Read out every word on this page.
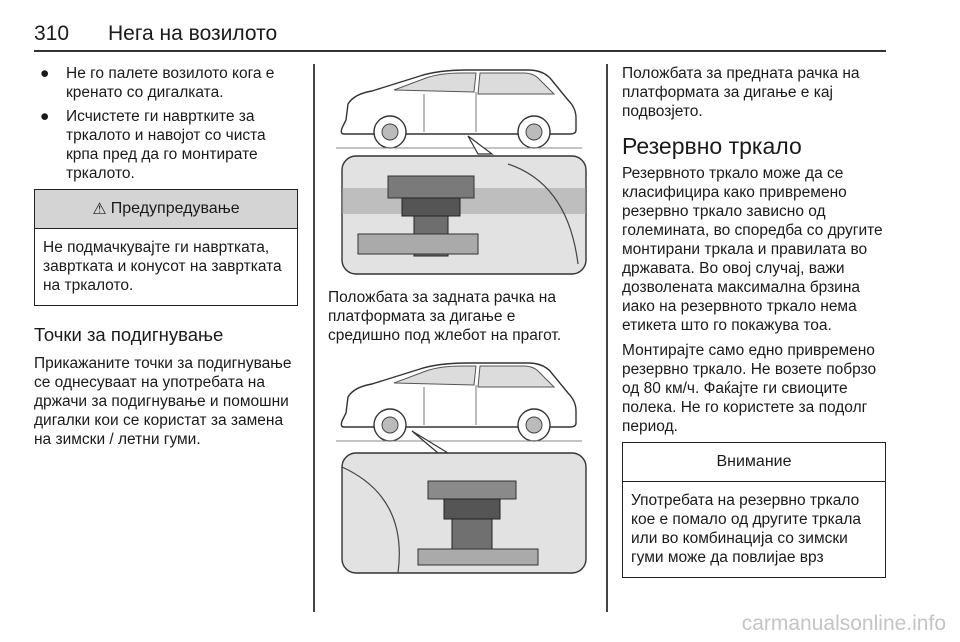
310 Нега на возилото
● Не го палете возилото кога е кренато со дигалката.
● Исчистете ги навртките за тркалото и навојот со чиста крпа пред да го монтирате тркалото.
⚠ Предупредување

Не подмачкувајте ги навртката, завртката и конусот на завртката на тркалото.

Точки за подигнување

Прикажаните точки за подигнување се однесуваат на употребата на држачи за подигнување и помошни дигалки кои се користат за замена на зимски / летни гуми.

Положбата за задната рачка на платформата за дигање е средишно под жлебот на прагот.

Положбата за предната рачка на платформата за дигање е кај подвозјето.

Резервно тркало

Резервното тркало може да се класифицира како привремено резервно тркало зависно од големината, во споредба со другите монтирани тркала и правилата во државата. Во овој случај, важи дозволената максимална брзина иако на резервното тркало нема етикета што го покажува тоа.

Монтирајте само едно привремено резервно тркало. Не возете побрзо од 80 км/ч. Фаќајте ги свиоците полека. Не го користете за подолг период.

Внимание

Употребата на резервно тркало кое е помало од другите тркала или во комбинација со зимски гуми може да повлијае врз

carmanualsonline.info
